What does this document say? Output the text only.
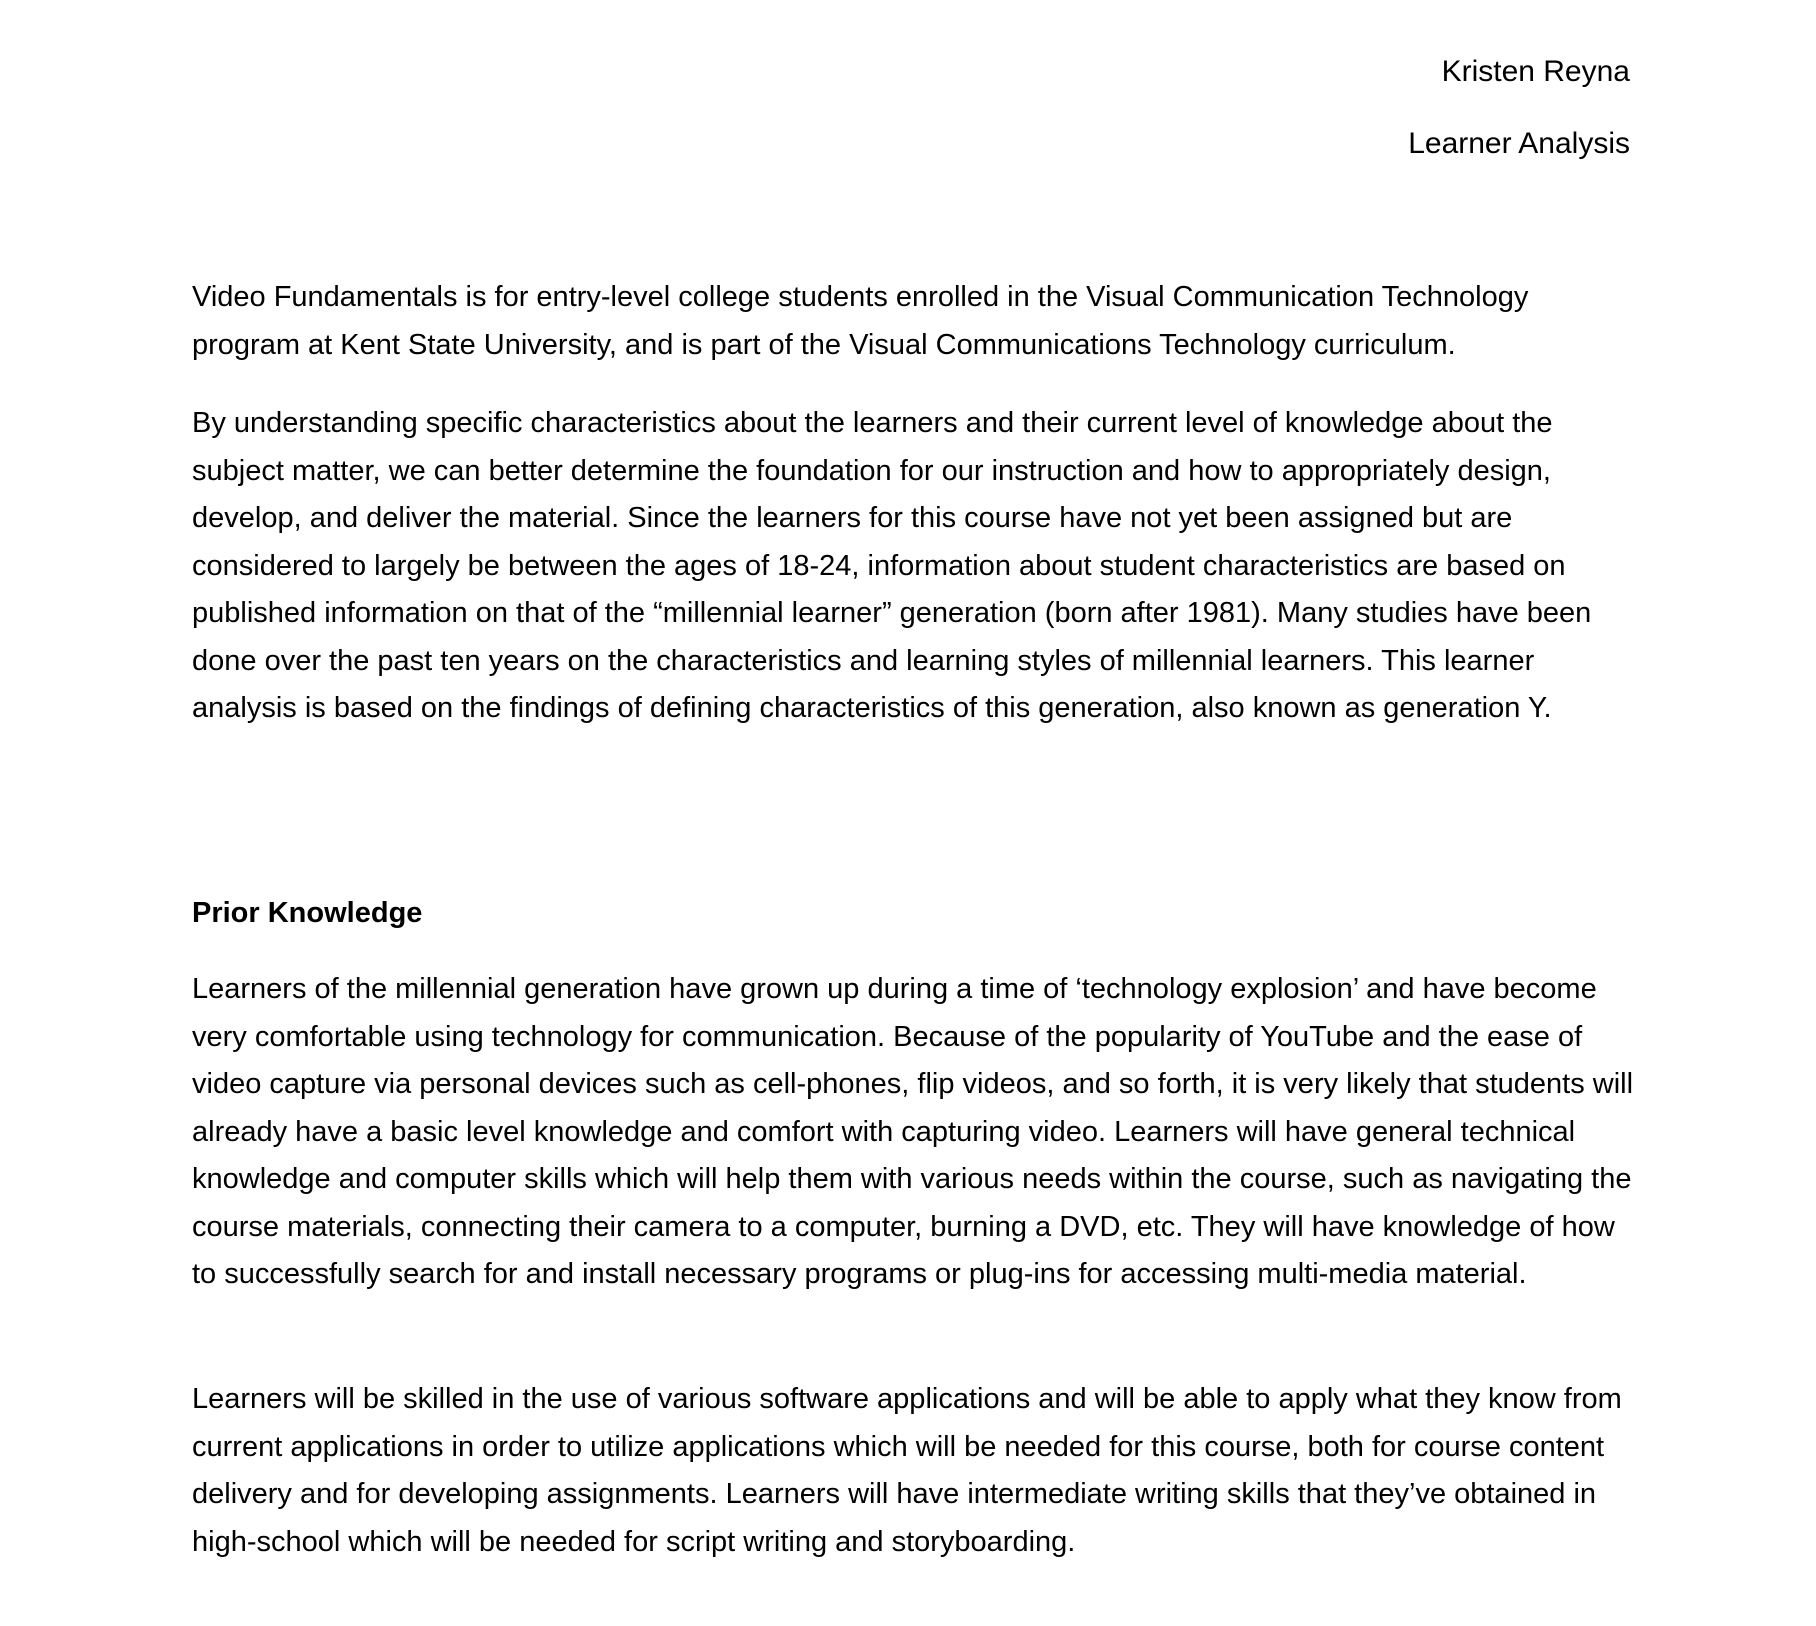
Kristen Reyna
Learner Analysis

Video Fundamentals is for entry-level college students enrolled in the Visual Communication Technology program at Kent State University, and is part of the Visual Communications Technology curriculum.

By understanding specific characteristics about the learners and their current level of knowledge about the subject matter, we can better determine the foundation for our instruction and how to appropriately design, develop, and deliver the material. Since the learners for this course have not yet been assigned but are considered to largely be between the ages of 18-24, information about student characteristics are based on published information on that of the “millennial learner” generation (born after 1981). Many studies have been done over the past ten years on the characteristics and learning styles of millennial learners. This learner analysis is based on the findings of defining characteristics of this generation, also known as generation Y.

Prior Knowledge

Learners of the millennial generation have grown up during a time of ‘technology explosion’ and have become very comfortable using technology for communication. Because of the popularity of YouTube and the ease of video capture via personal devices such as cell-phones, flip videos, and so forth, it is very likely that students will already have a basic level knowledge and comfort with capturing video. Learners will have general technical knowledge and computer skills which will help them with various needs within the course, such as navigating the course materials, connecting their camera to a computer, burning a DVD, etc. They will have knowledge of how to successfully search for and install necessary programs or plug-ins for accessing multi-media material.

Learners will be skilled in the use of various software applications and will be able to apply what they know from current applications in order to utilize applications which will be needed for this course, both for course content delivery and for developing assignments. Learners will have intermediate writing skills that they’ve obtained in high-school which will be needed for script writing and storyboarding.
